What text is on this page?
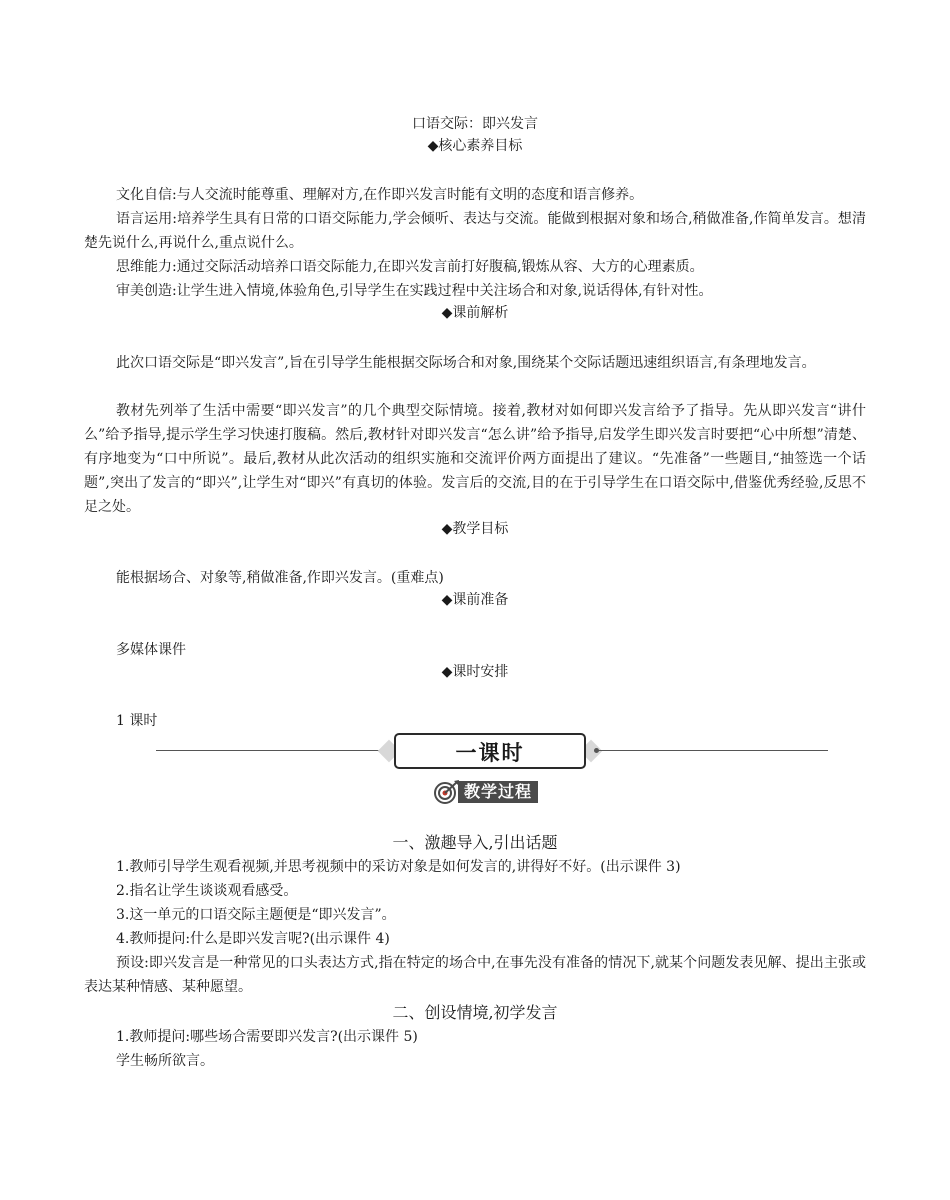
口语交际：即兴发言
◆核心素养目标

文化自信:与人交流时能尊重、理解对方,在作即兴发言时能有文明的态度和语言修养。

语言运用:培养学生具有日常的口语交际能力,学会倾听、表达与交流。能做到根据对象和场合,稍做准备,作简单发言。想清楚先说什么,再说什么,重点说什么。

思维能力:通过交际活动培养口语交际能力,在即兴发言前打好腹稿,锻炼从容、大方的心理素质。

审美创造:让学生进入情境,体验角色,引导学生在实践过程中关注场合和对象,说话得体,有针对性。

◆课前解析

此次口语交际是“即兴发言”,旨在引导学生能根据交际场合和对象,围绕某个交际话题迅速组织语言,有条理地发言。

教材先列举了生活中需要“即兴发言”的几个典型交际情境。接着,教材对如何即兴发言给予了指导。先从即兴发言“讲什么”给予指导,提示学生学习快速打腹稿。然后,教材针对即兴发言“怎么讲”给予指导,启发学生即兴发言时要把“心中所想”清楚、有序地变为“口中所说”。最后,教材从此次活动的组织实施和交流评价两方面提出了建议。“先准备”一些题目,“抽签选一个话题”,突出了发言的“即兴”,让学生对“即兴”有真切的体验。发言后的交流,目的在于引导学生在口语交际中,借鉴优秀经验,反思不足之处。

◆教学目标
能根据场合、对象等,稍做准备,作即兴发言。(重难点)
◆课前准备
多媒体课件
◆课时安排
1 课时
一课时
教学过程
一、激趣导入,引出话题
1.教师引导学生观看视频,并思考视频中的采访对象是如何发言的,讲得好不好。(出示课件 3)
2.指名让学生谈谈观看感受。
3.这一单元的口语交际主题便是“即兴发言”。
4.教师提问:什么是即兴发言呢?(出示课件 4)

预设:即兴发言是一种常见的口头表达方式,指在特定的场合中,在事先没有准备的情况下,就某个问题发表见解、提出主张或表达某种情感、某种愿望。

二、创设情境,初学发言
1.教师提问:哪些场合需要即兴发言?(出示课件 5)
学生畅所欲言。
